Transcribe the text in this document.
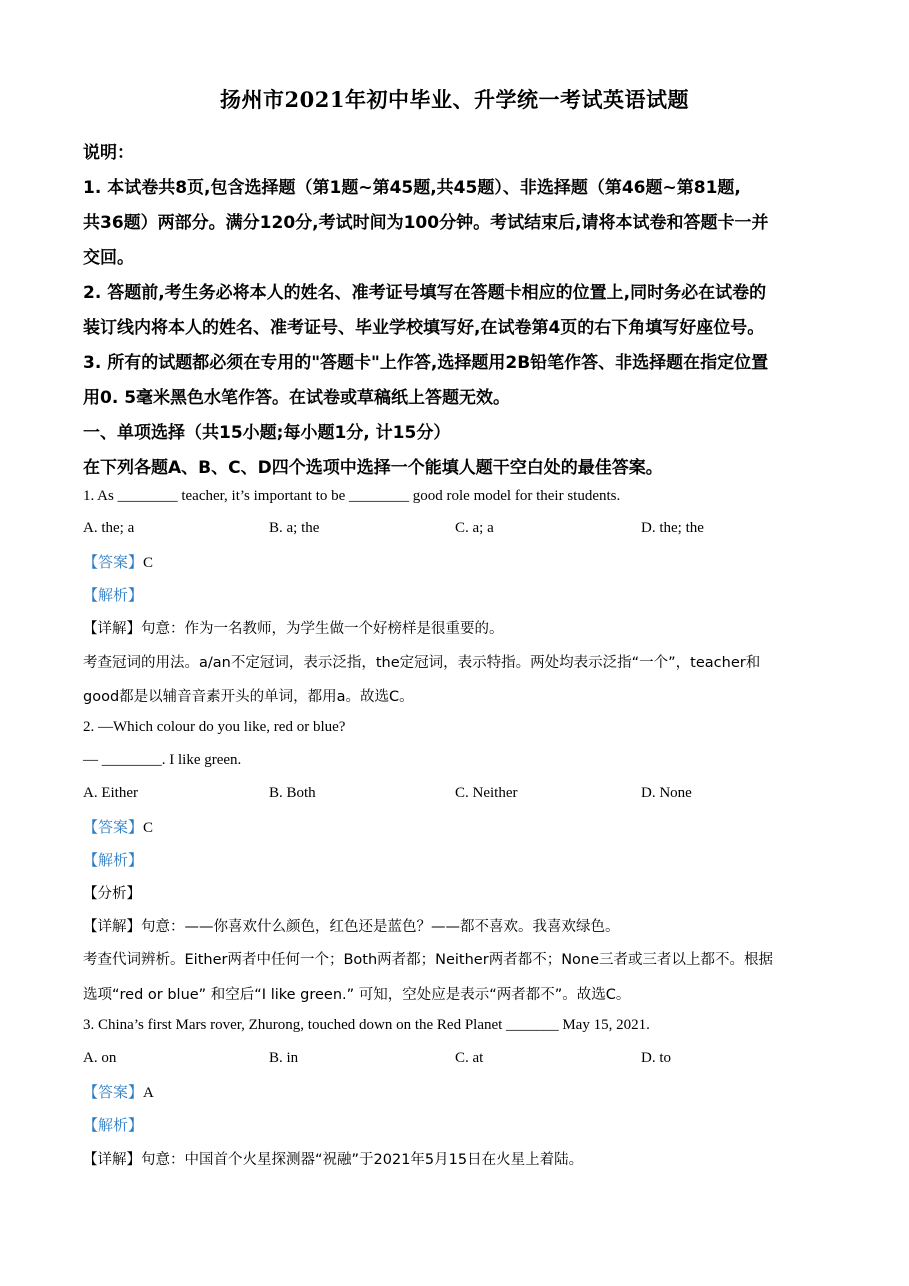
扬州市2021年初中毕业、升学统一考试英语试题
说明：
1. 本试卷共8页,包含选择题（第1题~第45题,共45题）、非选择题（第46题~第81题,
共36题）两部分。满分120分,考试时间为100分钟。考试结束后,请将本试卷和答题卡一并
交回。
2. 答题前,考生务必将本人的姓名、准考证号填写在答题卡相应的位置上,同时务必在试卷的
装订线内将本人的姓名、准考证号、毕业学校填写好,在试卷第4页的右下角填写好座位号。
3. 所有的试题都必须在专用的"答题卡"上作答,选择题用2B铅笔作答、非选择题在指定位置
用0. 5毫米黑色水笔作答。在试卷或草稿纸上答题无效。
一、单项选择（共15小题;每小题1分, 计15分）
在下列各题A、B、C、D四个选项中选择一个能填人题干空白处的最佳答案。
1. As ________ teacher, it’s important to be ________ good role model for their students.
A. the; a	B. a; the	C. a; a	D. the; the
【答案】C
【解析】
【详解】句意：作为一名教师，为学生做一个好榜样是很重要的。
考查冠词的用法。a/an不定冠词，表示泛指，the定冠词，表示特指。两处均表示泛指“一个”，teacher和
good都是以辅音音素开头的单词，都用a。故选C。
2. —Which colour do you like, red or blue?
— ________. I like green.
A. Either	B. Both	C. Neither	D. None
【答案】C
【解析】
【分析】
【详解】句意：——你喜欢什么颜色，红色还是蓝色？——都不喜欢。我喜欢绿色。
考查代词辨析。Either两者中任何一个；Both两者都；Neither两者都不；None三者或三者以上都不。根据
选项“red or blue” 和空后“I like green.” 可知，空处应是表示“两者都不”。故选C。
3. China’s first Mars rover, Zhurong, touched down on the Red Planet _______ May 15, 2021.
A. on	B. in	C. at	D. to
【答案】A
【解析】
【详解】句意：中国首个火星探测器“祝融”于2021年5月15日在火星上着陆。
